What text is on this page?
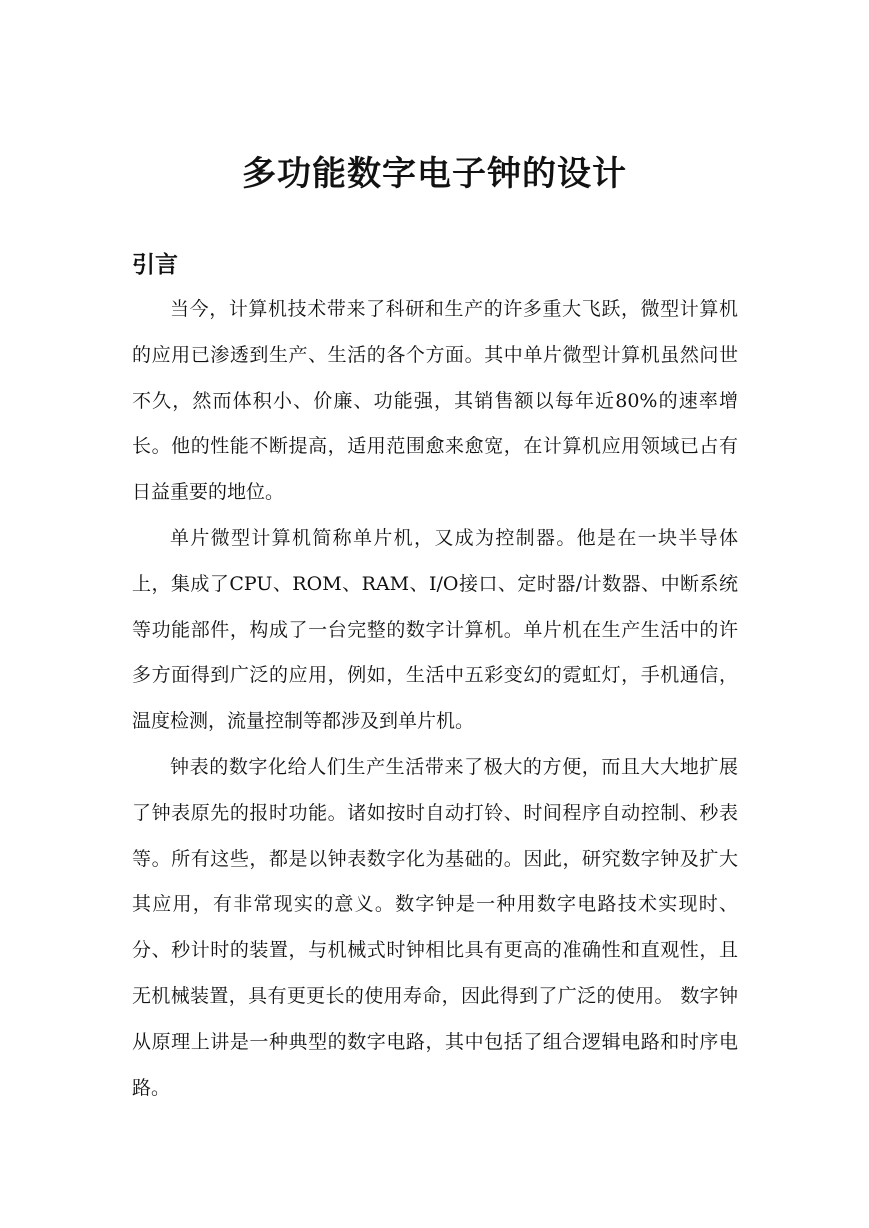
多功能数字电子钟的设计
引言

当今，计算机技术带来了科研和生产的许多重大飞跃，微型计算机的应用已渗透到生产、生活的各个方面。其中单片微型计算机虽然问世不久，然而体积小、价廉、功能强，其销售额以每年近80%的速率增长。他的性能不断提高，适用范围愈来愈宽，在计算机应用领域已占有日益重要的地位。

单片微型计算机简称单片机，又成为控制器。他是在一块半导体上，集成了CPU、ROM、RAM、I/O接口、定时器/计数器、中断系统等功能部件，构成了一台完整的数字计算机。单片机在生产生活中的许多方面得到广泛的应用，例如，生活中五彩变幻的霓虹灯，手机通信，温度检测，流量控制等都涉及到单片机。

钟表的数字化给人们生产生活带来了极大的方便，而且大大地扩展了钟表原先的报时功能。诸如按时自动打铃、时间程序自动控制、秒表等。所有这些，都是以钟表数字化为基础的。因此，研究数字钟及扩大其应用，有非常现实的意义。数字钟是一种用数字电路技术实现时、分、秒计时的装置，与机械式时钟相比具有更高的准确性和直观性，且无机械装置，具有更更长的使用寿命，因此得到了广泛的使用。 数字钟从原理上讲是一种典型的数字电路，其中包括了组合逻辑电路和时序电路。
